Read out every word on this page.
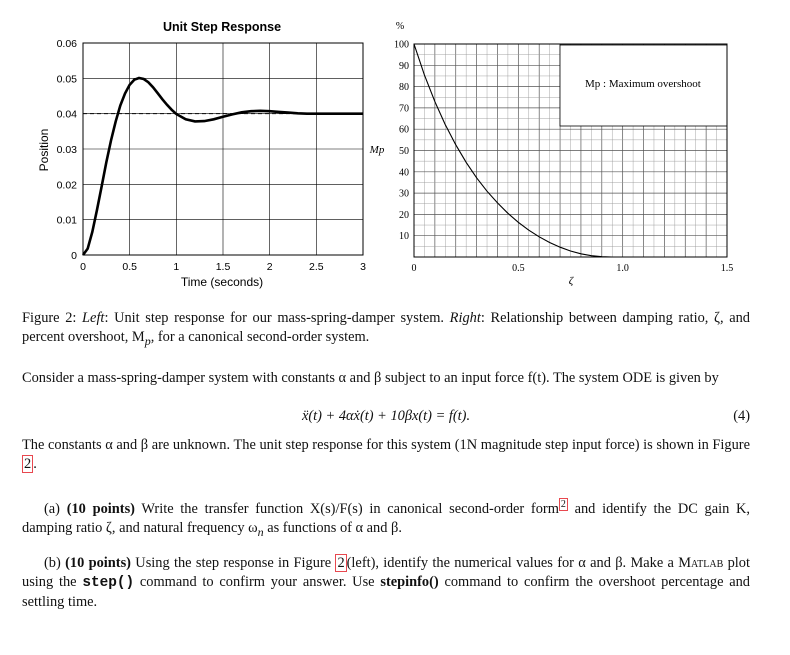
Unit Step Response
0	0.5	1	1.5	2	2.5	3
0
0.01
0.02
0.03
0.04
0.05
0.06
Time (seconds)
Position
Mp : Maximum overshoot
0	0.5	1.0	1.5
10
20
30
40
50
60
70
80
90
100
%
Mp
ζ
Figure 2: Left: Unit step response for our mass-spring-damper system. Right: Relationship between damping ratio, ζ, and percent overshoot, $M_p$, for a canonical second-order system.
Consider a mass-spring-damper system with constants α and β subject to an input force f(t). The system ODE is given by
ẍ(t) + 4αẋ(t) + 10βx(t) = f(t).	(4)
The constants α and β are unknown. The unit step response for this system (1N magnitude step input force) is shown in Figure 2 .
(a) (10 points) Write the transfer function X(s)/F(s) in canonical second-order form $^2$ and identify the DC gain K, damping ratio ζ, and natural frequency $\omega_n$ as functions of α and β.
(b) (10 points) Using the step response in Figure 2 (left), identify the numerical values for α and β. Make a Matlab plot using the step() command to confirm your answer. Use stepinfo() command to confirm the overshoot percentage and settling time.
